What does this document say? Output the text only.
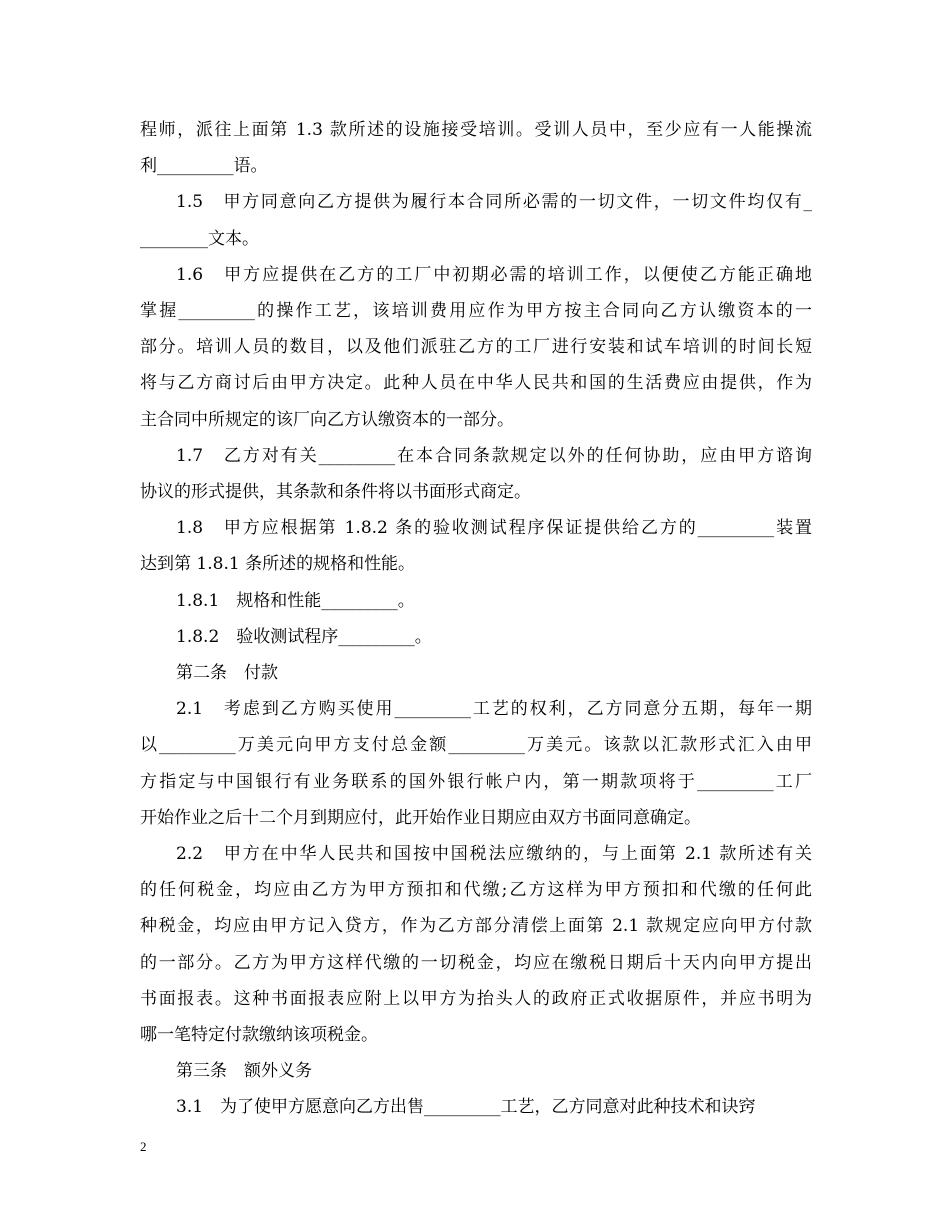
程师，派往上面第 1.3 款所述的设施接受培训。受训人员中，至少应有一人能操流
利_________语。
1.5　甲方同意向乙方提供为履行本合同所必需的一切文件，一切文件均仅有_
________文本。
1.6　甲方应提供在乙方的工厂中初期必需的培训工作，以便使乙方能正确地
掌握_________的操作工艺，该培训费用应作为甲方按主合同向乙方认缴资本的一
部分。培训人员的数目，以及他们派驻乙方的工厂进行安装和试车培训的时间长短
将与乙方商讨后由甲方决定。此种人员在中华人民共和国的生活费应由提供，作为
主合同中所规定的该厂向乙方认缴资本的一部分。
1.7　乙方对有关_________在本合同条款规定以外的任何协助，应由甲方谘询
协议的形式提供，其条款和条件将以书面形式商定。
1.8　甲方应根据第 1.8.2 条的验收测试程序保证提供给乙方的_________装置
达到第 1.8.1 条所述的规格和性能。
1.8.1　规格和性能_________。
1.8.2　验收测试程序_________。
第二条　付款
2.1　考虑到乙方购买使用_________工艺的权利，乙方同意分五期，每年一期
以_________万美元向甲方支付总金额_________万美元。该款以汇款形式汇入由甲
方指定与中国银行有业务联系的国外银行帐户内，第一期款项将于_________工厂
开始作业之后十二个月到期应付，此开始作业日期应由双方书面同意确定。
2.2　甲方在中华人民共和国按中国税法应缴纳的，与上面第 2.1 款所述有关
的任何税金，均应由乙方为甲方预扣和代缴;乙方这样为甲方预扣和代缴的任何此
种税金，均应由甲方记入贷方，作为乙方部分清偿上面第 2.1 款规定应向甲方付款
的一部分。乙方为甲方这样代缴的一切税金，均应在缴税日期后十天内向甲方提出
书面报表。这种书面报表应附上以甲方为抬头人的政府正式收据原件，并应书明为
哪一笔特定付款缴纳该项税金。
第三条　额外义务
3.1　为了使甲方愿意向乙方出售_________工艺，乙方同意对此种技术和诀窍
2
